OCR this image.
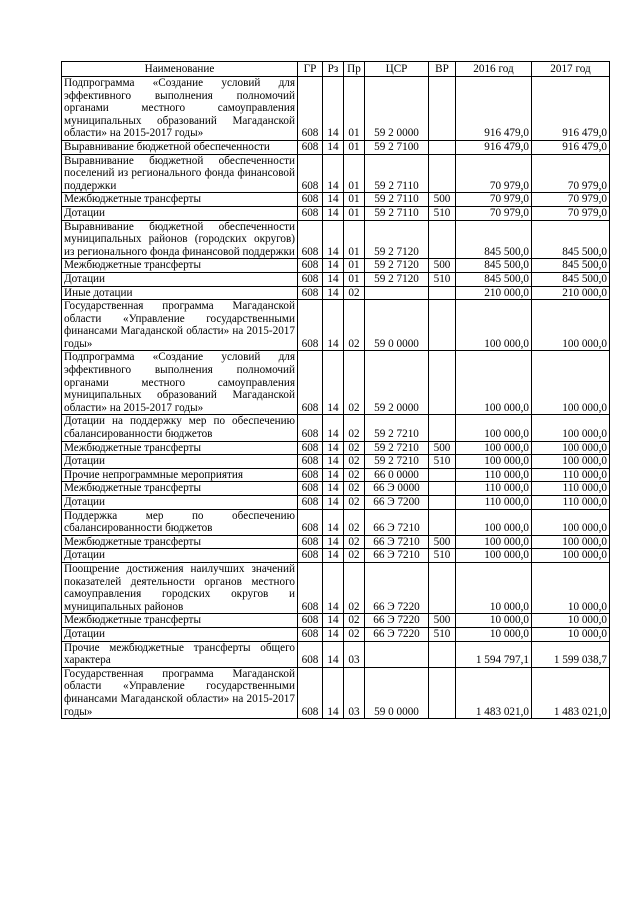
Наименование	ГР	Рз	Пр	ЦСР	ВР	2016 год	2017 год
Подпрограмма «Создание условий для эффективного выполнения полномочий органами местного самоуправления муниципальных образований Магаданской области» на 2015-2017 годы»	608	14	01	59 2 0000		916 479,0	916 479,0
Выравнивание бюджетной обеспеченности	608	14	01	59 2 7100		916 479,0	916 479,0
Выравнивание бюджетной обеспеченности поселений из регионального фонда финансовой поддержки	608	14	01	59 2 7110		70 979,0	70 979,0
Межбюджетные трансферты	608	14	01	59 2 7110	500	70 979,0	70 979,0
Дотации	608	14	01	59 2 7110	510	70 979,0	70 979,0
Выравнивание бюджетной обеспеченности муниципальных районов (городских округов) из регионального фонда финансовой поддержки	608	14	01	59 2 7120		845 500,0	845 500,0
Межбюджетные трансферты	608	14	01	59 2 7120	500	845 500,0	845 500,0
Дотации	608	14	01	59 2 7120	510	845 500,0	845 500,0
Иные дотации	608	14	02			210 000,0	210 000,0
Государственная программа Магаданской области «Управление государственными финансами Магаданской области» на 2015-2017 годы»	608	14	02	59 0 0000		100 000,0	100 000,0
Подпрограмма «Создание условий для эффективного выполнения полномочий органами местного самоуправления муниципальных образований Магаданской области» на 2015-2017 годы»	608	14	02	59 2 0000		100 000,0	100 000,0
Дотации на поддержку мер по обеспечению сбалансированности бюджетов	608	14	02	59 2 7210		100 000,0	100 000,0
Межбюджетные трансферты	608	14	02	59 2 7210	500	100 000,0	100 000,0
Дотации	608	14	02	59 2 7210	510	100 000,0	100 000,0
Прочие непрограммные мероприятия	608	14	02	66 0 0000		110 000,0	110 000,0
Межбюджетные трансферты	608	14	02	66 Э 0000		110 000,0	110 000,0
Дотации	608	14	02	66 Э 7200		110 000,0	110 000,0
Поддержка мер по обеспечению сбалансированности бюджетов	608	14	02	66 Э 7210		100 000,0	100 000,0
Межбюджетные трансферты	608	14	02	66 Э 7210	500	100 000,0	100 000,0
Дотации	608	14	02	66 Э 7210	510	100 000,0	100 000,0
Поощрение достижения наилучших значений показателей деятельности органов местного самоуправления городских округов и муниципальных районов	608	14	02	66 Э 7220		10 000,0	10 000,0
Межбюджетные трансферты	608	14	02	66 Э 7220	500	10 000,0	10 000,0
Дотации	608	14	02	66 Э 7220	510	10 000,0	10 000,0
Прочие межбюджетные трансферты общего характера	608	14	03			1 594 797,1	1 599 038,7
Государственная программа Магаданской области «Управление государственными финансами Магаданской области» на 2015-2017 годы»	608	14	03	59 0 0000		1 483 021,0	1 483 021,0
